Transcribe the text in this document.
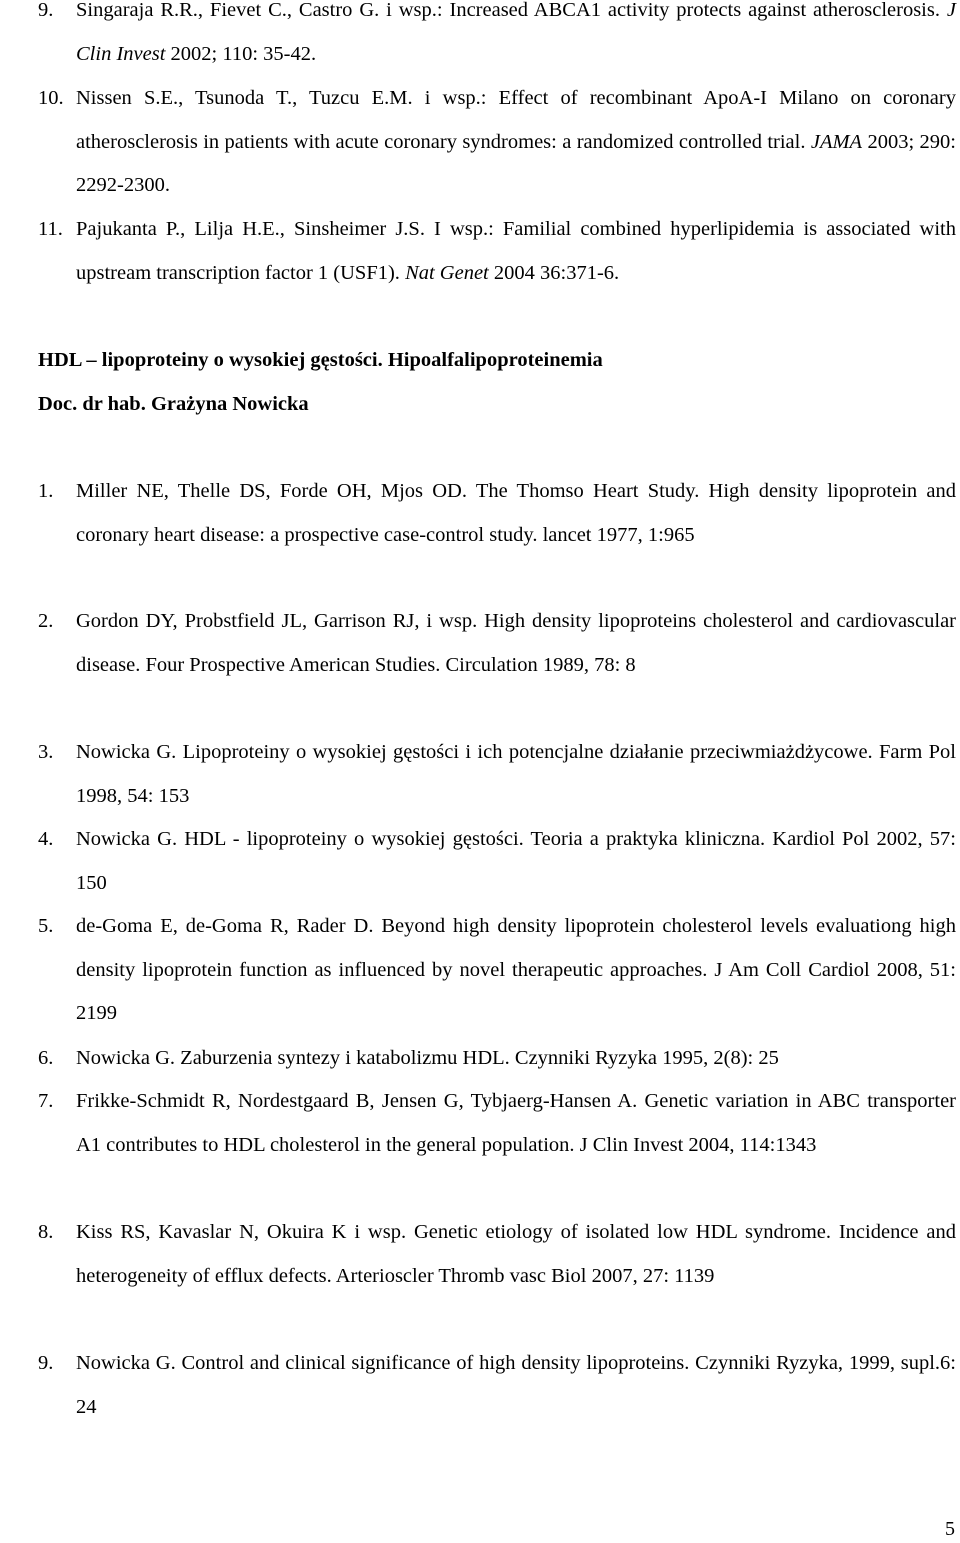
9.	Singaraja R.R., Fievet C., Castro G. i wsp.: Increased ABCA1 activity protects against atherosclerosis. J Clin Invest 2002; 110: 35-42.
10. Nissen S.E., Tsunoda T., Tuzcu E.M. i wsp.: Effect of recombinant ApoA-I Milano on coronary atherosclerosis in patients with acute coronary syndromes: a randomized controlled trial. JAMA 2003; 290: 2292-2300.
11. Pajukanta P., Lilja H.E., Sinsheimer J.S. I wsp.: Familial combined hyperlipidemia is associated with upstream transcription factor 1 (USF1). Nat Genet 2004 36:371-6.
HDL – lipoproteiny o wysokiej gęstości. Hipoalfalipoproteinemia
Doc. dr hab. Grażyna Nowicka
1.	Miller NE, Thelle DS, Forde OH, Mjos OD. The Thomso Heart Study. High density lipoprotein and coronary heart disease: a prospective case-control study. lancet 1977, 1:965
2.	Gordon DY, Probstfield JL, Garrison RJ, i wsp. High density lipoproteins cholesterol and cardiovascular disease. Four Prospective American Studies. Circulation 1989, 78: 8
3.	Nowicka G. Lipoproteiny o wysokiej gęstości i ich potencjalne działanie przeciwmiażdżycowe. Farm Pol 1998, 54: 153
4.	Nowicka G. HDL - lipoproteiny o wysokiej gęstości. Teoria a praktyka kliniczna. Kardiol Pol 2002, 57: 150
5.	de-Goma E, de-Goma R, Rader D. Beyond high density lipoprotein cholesterol levels evaluationg high density lipoprotein function as influenced by novel therapeutic approaches. J Am Coll Cardiol 2008, 51: 2199
6.	Nowicka G. Zaburzenia syntezy i katabolizmu HDL. Czynniki Ryzyka 1995, 2(8): 25
7.	Frikke-Schmidt R, Nordestgaard B, Jensen G, Tybjaerg-Hansen A. Genetic variation in ABC transporter A1 contributes to HDL cholesterol in the general population. J Clin Invest 2004, 114:1343
8.	Kiss RS, Kavaslar N, Okuira K i wsp. Genetic etiology of isolated low HDL syndrome. Incidence and heterogeneity of efflux defects. Arterioscler Thromb vasc Biol 2007, 27: 1139
9.	Nowicka G. Control and clinical significance of high density lipoproteins. Czynniki Ryzyka, 1999, supl.6: 24
5
